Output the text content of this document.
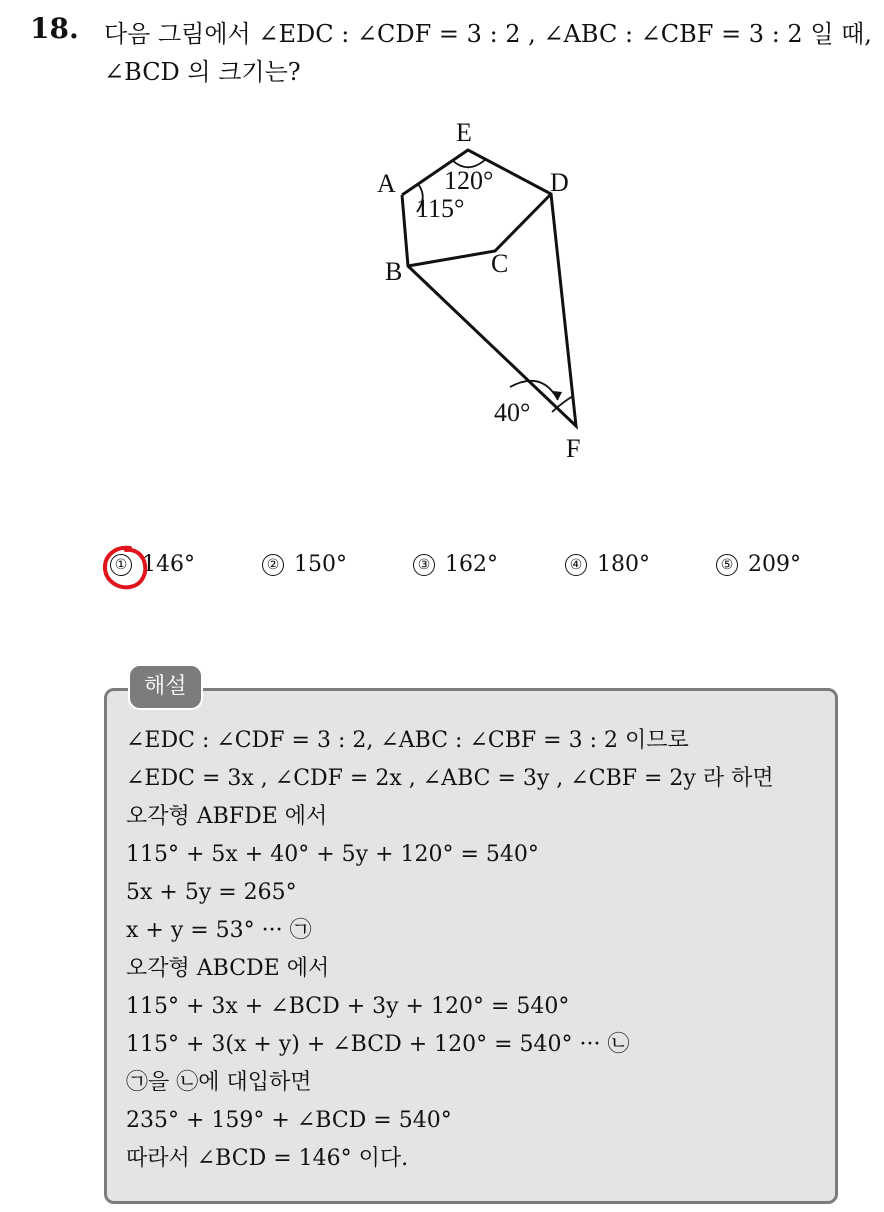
18. 다음 그림에서 ∠EDC : ∠CDF = 3 : 2 , ∠ABC : ∠CBF = 3 : 2 일 때,
∠BCD 의 크기는?
E
A	D
B	C
F
120°
115°
40°
① 146°	② 150°	③ 162°	④ 180°	⑤ 209°
해설
∠EDC : ∠CDF = 3 : 2, ∠ABC : ∠CBF = 3 : 2 이므로
∠EDC = 3x , ∠CDF = 2x , ∠ABC = 3y , ∠CBF = 2y 라 하면
오각형 ABFDE 에서
115° + 5x + 40° + 5y + 120° = 540°
5x + 5y = 265°
x + y = 53° ··· ㉠
오각형 ABCDE 에서
115° + 3x + ∠BCD + 3y + 120° = 540°
115° + 3(x + y) + ∠BCD + 120° = 540° ··· ㉡
㉠을 ㉡에 대입하면
235° + 159° + ∠BCD = 540°
따라서 ∠BCD = 146° 이다.
